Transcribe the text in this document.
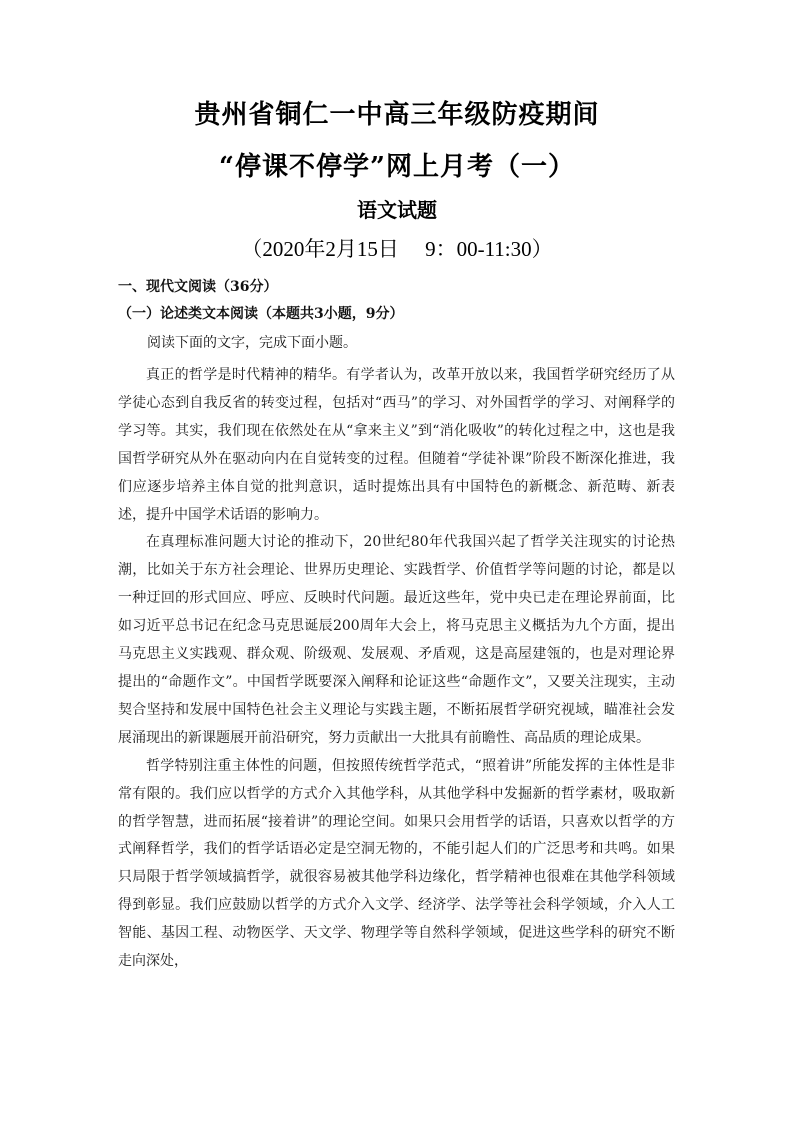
贵州省铜仁一中高三年级防疫期间
“停课不停学”网上月考（一）
语文试题
（2020年2月15日　 9：00-11:30）
一、现代文阅读（36分）
（一）论述类文本阅读（本题共3小题，9分）
阅读下面的文字，完成下面小题。

真正的哲学是时代精神的精华。有学者认为，改革开放以来，我国哲学研究经历了从学徒心态到自我反省的转变过程，包括对“西马”的学习、对外国哲学的学习、对阐释学的学习等。其实，我们现在依然处在从“拿来主义”到“消化吸收”的转化过程之中，这也是我国哲学研究从外在驱动向内在自觉转变的过程。但随着“学徒补课”阶段不断深化推进，我们应逐步培养主体自觉的批判意识，适时提炼出具有中国特色的新概念、新范畴、新表述，提升中国学术话语的影响力。

在真理标准问题大讨论的推动下，20世纪80年代我国兴起了哲学关注现实的讨论热潮，比如关于东方社会理论、世界历史理论、实践哲学、价值哲学等问题的讨论，都是以一种迂回的形式回应、呼应、反映时代问题。最近这些年，党中央已走在理论界前面，比如习近平总书记在纪念马克思诞辰200周年大会上，将马克思主义概括为九个方面，提出马克思主义实践观、群众观、阶级观、发展观、矛盾观，这是高屋建瓴的，也是对理论界提出的“命题作文”。中国哲学既要深入阐释和论证这些“命题作文”，又要关注现实，主动契合坚持和发展中国特色社会主义理论与实践主题，不断拓展哲学研究视域，瞄准社会发展涌现出的新课题展开前沿研究，努力贡献出一大批具有前瞻性、高品质的理论成果。

哲学特别注重主体性的问题，但按照传统哲学范式，“照着讲”所能发挥的主体性是非常有限的。我们应以哲学的方式介入其他学科，从其他学科中发掘新的哲学素材，吸取新的哲学智慧，进而拓展“接着讲”的理论空间。如果只会用哲学的话语，只喜欢以哲学的方式阐释哲学，我们的哲学话语必定是空洞无物的，不能引起人们的广泛思考和共鸣。如果只局限于哲学领域搞哲学，就很容易被其他学科边缘化，哲学精神也很难在其他学科领域得到彰显。我们应鼓励以哲学的方式介入文学、经济学、法学等社会科学领域，介入人工智能、基因工程、动物医学、天文学、物理学等自然科学领域，促进这些学科的研究不断走向深处，
